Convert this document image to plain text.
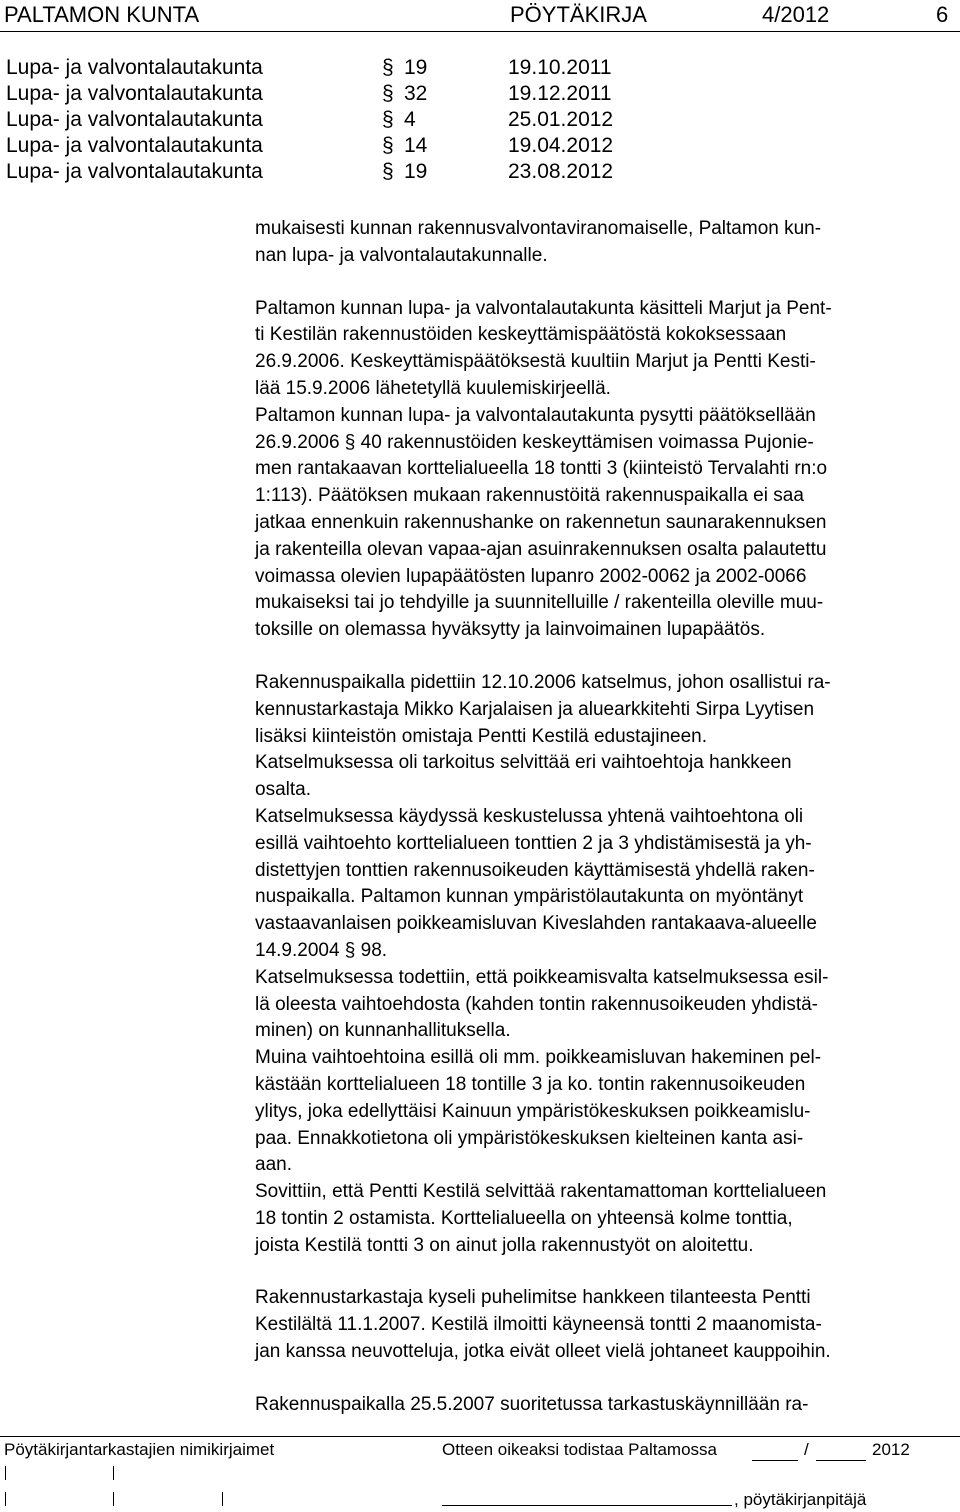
PALTAMON KUNTA	PÖYTÄKIRJA	4/2012	6
Lupa- ja valvontalautakunta	§ 19	19.10.2011
Lupa- ja valvontalautakunta	§ 32	19.12.2011
Lupa- ja valvontalautakunta	§ 4	25.01.2012
Lupa- ja valvontalautakunta	§ 14	19.04.2012
Lupa- ja valvontalautakunta	§ 19	23.08.2012

mukaisesti kunnan rakennusvalvontaviranomaiselle, Paltamon kun-
nan lupa- ja valvontalautakunnalle.

Paltamon kunnan lupa- ja valvontalautakunta käsitteli Marjut ja Pent-
ti Kestilän rakennustöiden keskeyttämispäätöstä kokoksessaan
26.9.2006. Keskeyttämispäätöksestä kuultiin Marjut ja Pentti Kesti-
lää 15.9.2006 lähetetyllä kuulemiskirjeellä.
Paltamon kunnan lupa- ja valvontalautakunta pysytti päätöksellään
26.9.2006 § 40 rakennustöiden keskeyttämisen voimassa Pujonie-
men rantakaavan korttelialueella 18 tontti 3 (kiinteistö Tervalahti rn:o
1:113). Päätöksen mukaan rakennustöitä rakennuspaikalla ei saa
jatkaa ennenkuin rakennushanke on rakennetun saunarakennuksen
ja rakenteilla olevan vapaa-ajan asuinrakennuksen osalta palautettu
voimassa olevien lupapäätösten lupanro 2002-0062 ja 2002-0066
mukaiseksi tai jo tehdyille ja suunnitelluille / rakenteilla oleville muu-
toksille on olemassa hyväksytty ja lainvoimainen lupapäätös.

Rakennuspaikalla pidettiin 12.10.2006 katselmus, johon osallistui ra-
kennustarkastaja Mikko Karjalaisen ja aluearkkitehti Sirpa Lyytisen
lisäksi kiinteistön omistaja Pentti Kestilä edustajineen.
Katselmuksessa oli tarkoitus selvittää eri vaihtoehtoja hankkeen
osalta.
Katselmuksessa käydyssä keskustelussa yhtenä vaihtoehtona oli
esillä vaihtoehto korttelialueen tonttien 2 ja 3 yhdistämisestä ja yh-
distettyjen tonttien rakennusoikeuden käyttämisestä yhdellä raken-
nuspaikalla. Paltamon kunnan ympäristölautakunta on myöntänyt
vastaavanlaisen poikkeamisluvan Kiveslahden rantakaava-alueelle
14.9.2004 § 98.
Katselmuksessa todettiin, että poikkeamisvalta katselmuksessa esil-
lä oleesta vaihtoehdosta (kahden tontin rakennusoikeuden yhdistä-
minen) on kunnanhallituksella.
Muina vaihtoehtoina esillä oli mm. poikkeamisluvan hakeminen pel-
kästään korttelialueen 18 tontille 3 ja ko. tontin rakennusoikeuden
ylitys, joka edellyttäisi Kainuun ympäristökeskuksen poikkeamislu-
paa. Ennakkotietona oli ympäristökeskuksen kielteinen kanta asi-
aan.
Sovittiin, että Pentti Kestilä selvittää rakentamattoman korttelialueen
18 tontin 2 ostamista. Korttelialueella on yhteensä kolme tonttia,
joista Kestilä tontti 3 on ainut jolla rakennustyöt on aloitettu.

Rakennustarkastaja kyseli puhelimitse hankkeen tilanteesta Pentti
Kestilältä 11.1.2007. Kestilä ilmoitti käyneensä tontti 2 maanomista-
jan kanssa neuvotteluja, jotka eivät olleet vielä johtaneet kauppoihin.

Rakennuspaikalla 25.5.2007 suoritetussa tarkastuskäynnillään ra-

Pöytäkirjantarkastajien nimikirjaimet	Otteen oikeaksi todistaa Paltamossa	/	2012
, pöytäkirjanpitäjä
